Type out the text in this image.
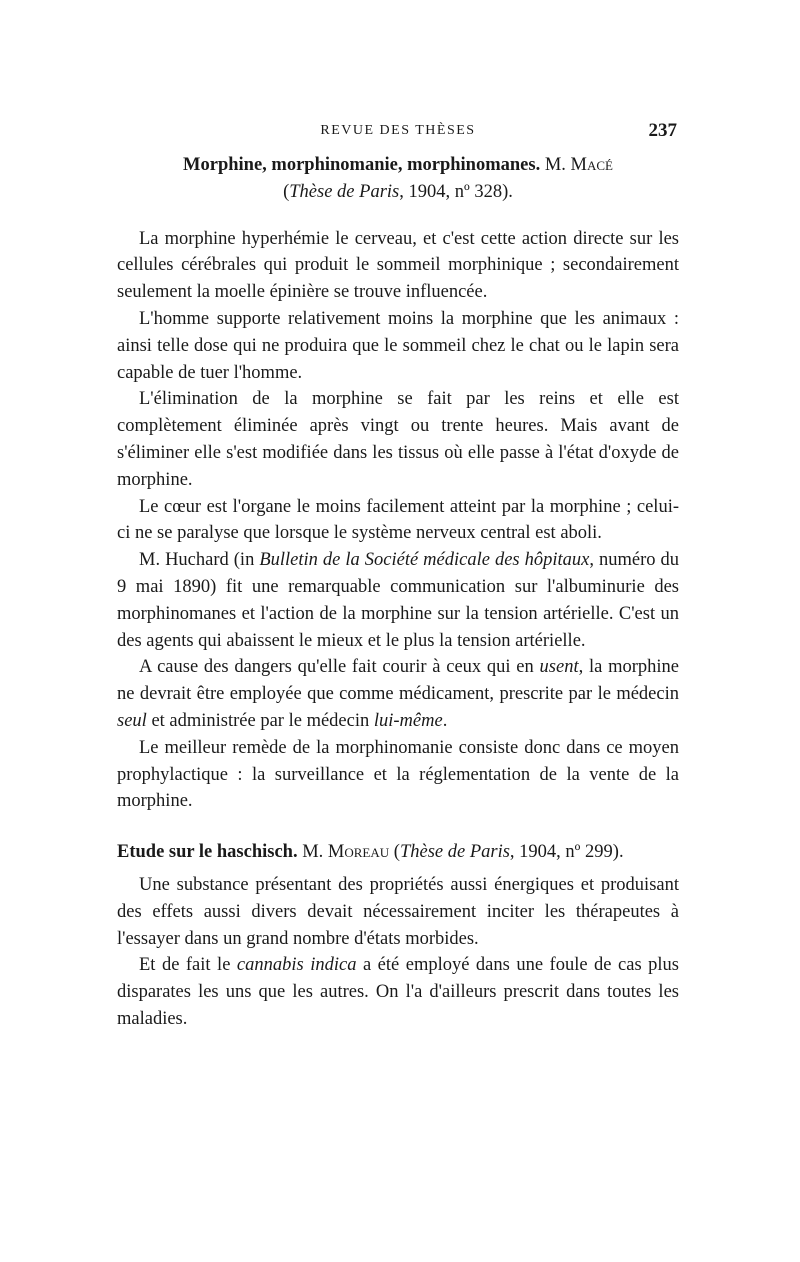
REVUE DES THÈSES	237
Morphine, morphinomanie, morphinomanes. M. Macé
(Thèse de Paris, 1904, nº 328).

La morphine hyperhémie le cerveau, et c'est cette action directe sur les cellules cérébrales qui produit le sommeil morphinique ; secondairement seulement la moelle épinière se trouve influencée.

L'homme supporte relativement moins la morphine que les animaux : ainsi telle dose qui ne produira que le sommeil chez le chat ou le lapin sera capable de tuer l'homme.

L'élimination de la morphine se fait par les reins et elle est complètement éliminée après vingt ou trente heures. Mais avant de s'éliminer elle s'est modifiée dans les tissus où elle passe à l'état d'oxyde de morphine.

Le cœur est l'organe le moins facilement atteint par la morphine ; celui-ci ne se paralyse que lorsque le système nerveux central est aboli.

M. Huchard (in Bulletin de la Société médicale des hôpitaux, numéro du 9 mai 1890) fit une remarquable communication sur l'albuminurie des morphinomanes et l'action de la morphine sur la tension artérielle. C'est un des agents qui abaissent le mieux et le plus la tension artérielle.

A cause des dangers qu'elle fait courir à ceux qui en usent, la morphine ne devrait être employée que comme médicament, prescrite par le médecin seul et administrée par le médecin lui-même.

Le meilleur remède de la morphinomanie consiste donc dans ce moyen prophylactique : la surveillance et la réglementation de la vente de la morphine.

Etude sur le haschisch. M. Moreau (Thèse de Paris, 1904, nº 299).

Une substance présentant des propriétés aussi énergiques et produisant des effets aussi divers devait nécessairement inciter les thérapeutes à l'essayer dans un grand nombre d'états morbides.

Et de fait le cannabis indica a été employé dans une foule de cas plus disparates les uns que les autres. On l'a d'ailleurs prescrit dans toutes les maladies.
